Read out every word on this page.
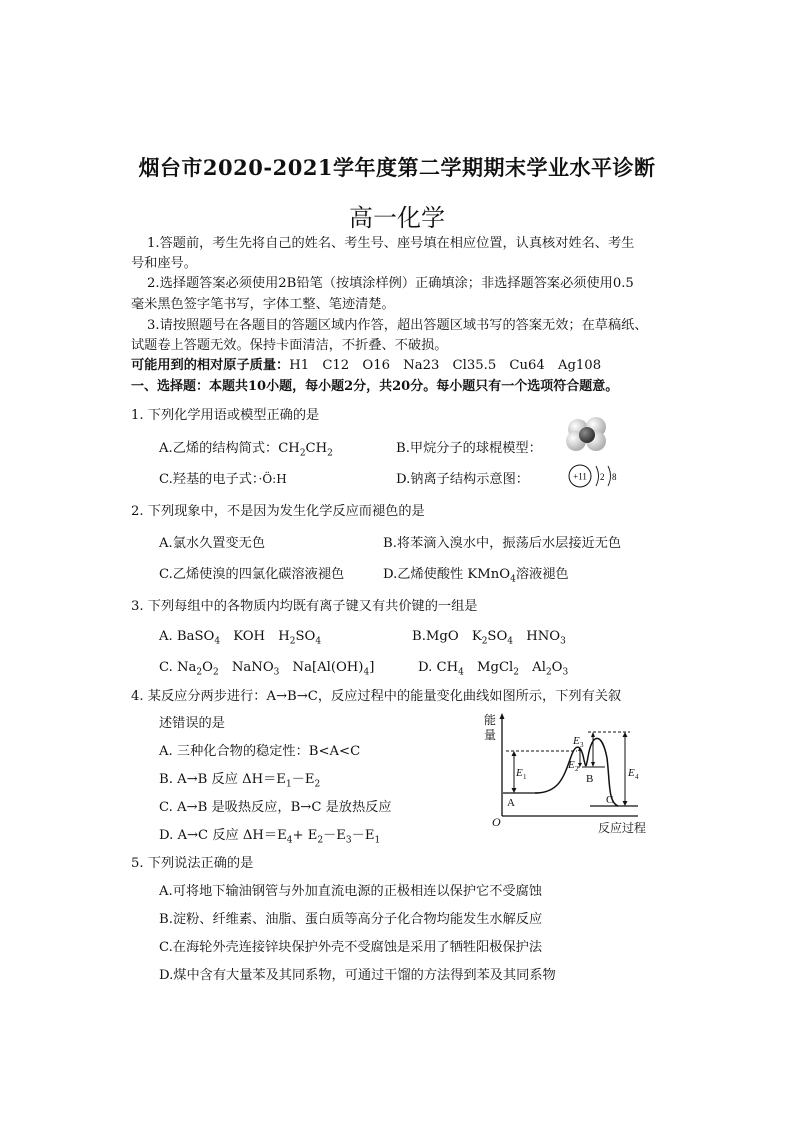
烟台市2020-2021学年度第二学期期末学业水平诊断
高一化学
1.答题前，考生先将自己的姓名、考生号、座号填在相应位置，认真核对姓名、考生
号和座号。
2.选择题答案必须使用2B铅笔（按填涂样例）正确填涂；非选择题答案必须使用0.5
毫米黑色签字笔书写，字体工整、笔迹清楚。
3.请按照题号在各题目的答题区域内作答，超出答题区域书写的答案无效；在草稿纸、
试题卷上答题无效。保持卡面清洁，不折叠、不破损。
可能用到的相对原子质量：H1　C12　O16　Na23　Cl35.5　Cu64　Ag108
一、选择题：本题共10小题，每小题2分，共20分。每小题只有一个选项符合题意。
1. 下列化学用语或模型正确的是
A.乙烯的结构简式：$CH_2CH_2$	B.甲烷分子的球棍模型：
C.羟基的电子式：·Ö:H	D.钠离子结构示意图：	+11 2 8
2. 下列现象中，不是因为发生化学反应而褪色的是
A.氯水久置变无色	B.将苯滴入溴水中，振荡后水层接近无色
C.乙烯使溴的四氯化碳溶液褪色	D.乙烯使酸性 KMnO$_4$溶液褪色
3. 下列每组中的各物质内均既有离子键又有共价键的一组是
A. BaSO$_4$　KOH　$H_2SO_4$	B.MgO　$K_2SO_4$　$HNO_3$
C. $Na_2O_2$　NaNO$_3$　$Na[Al(OH)_4]$	D. $CH_4$　MgCl$_2$　$Al_2O_3$
4. 某反应分两步进行：A→B→C，反应过程中的能量变化曲线如图所示，下列有关叙
述错误的是
A. 三种化合物的稳定性：B<A<C
B. A→B 反应 $\Delta H=E_1-E_2$
C. A→B 是吸热反应，B→C 是放热反应
D. A→C 反应 $\Delta H=E_4+ E_2-E_3-E_1$
能
量
O	反应过程
A
B
C
E 1
E 2
E 3
E 4
5. 下列说法正确的是
A.可将地下输油钢管与外加直流电源的正极相连以保护它不受腐蚀
B.淀粉、纤维素、油脂、蛋白质等高分子化合物均能发生水解反应
C.在海轮外壳连接锌块保护外壳不受腐蚀是采用了牺牲阳极保护法
D.煤中含有大量苯及其同系物，可通过干馏的方法得到苯及其同系物
